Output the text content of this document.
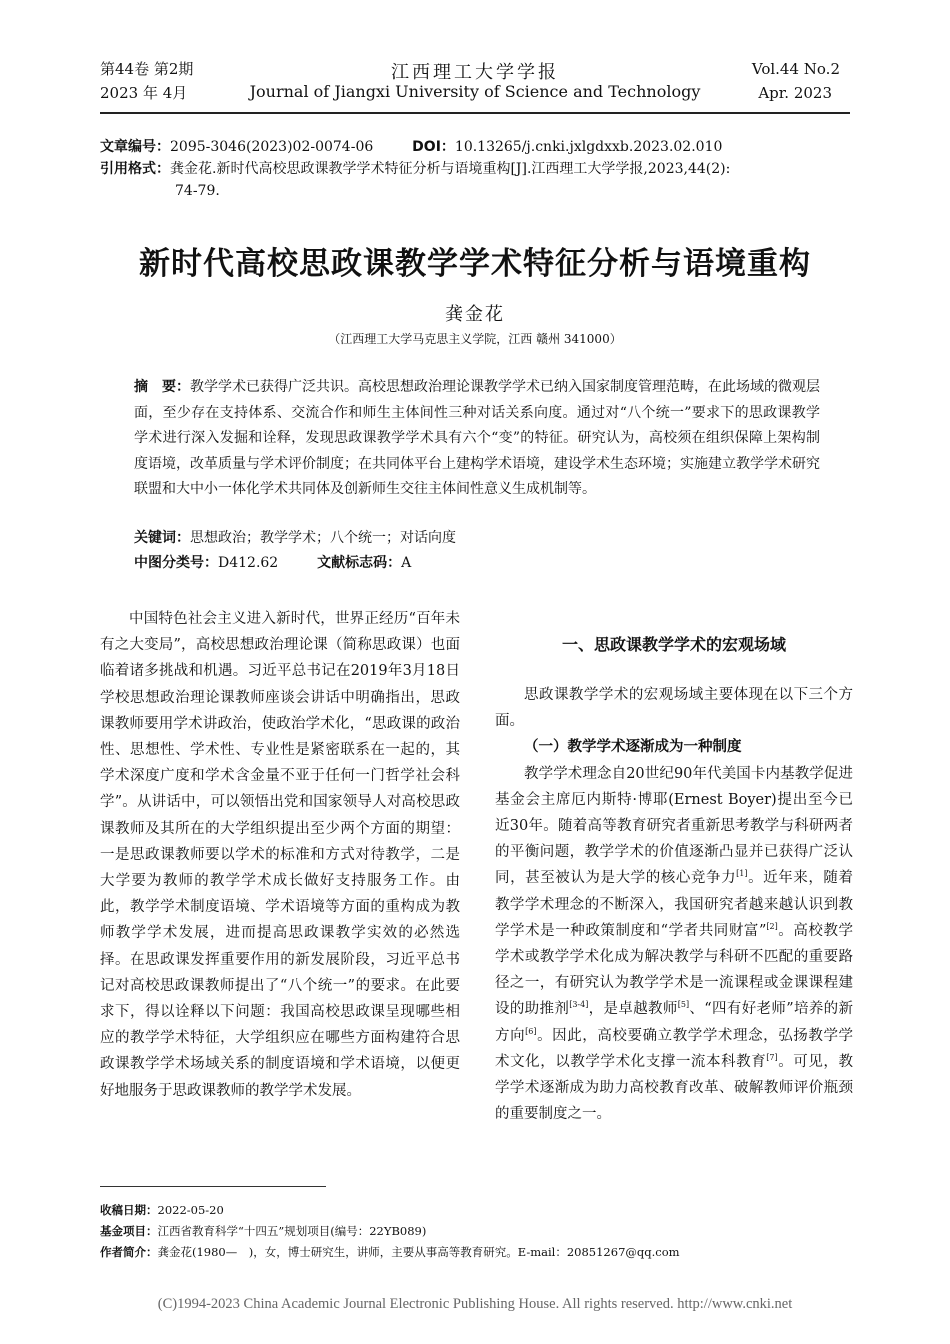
第44卷 第2期
2023 年 4月
江西理工大学学报
Journal of Jiangxi University of Science and Technology
Vol.44 No.2
Apr. 2023
文章编号：2095-3046(2023)02-0074-06	DOI：10.13265/j.cnki.jxlgdxxb.2023.02.010
引用格式：龚金花.新时代高校思政课教学学术特征分析与语境重构[J].江西理工大学学报,2023,44(2):
74-79.
新时代高校思政课教学学术特征分析与语境重构
龚金花
（江西理工大学马克思主义学院，江西 赣州 341000）
摘　要：教学学术已获得广泛共识。高校思想政治理论课教学学术已纳入国家制度管理范畴，在此场域的微观层面，至少存在支持体系、交流合作和师生主体间性三种对话关系向度。通过对“八个统一”要求下的思政课教学学术进行深入发掘和诠释，发现思政课教学学术具有六个“变”的特征。研究认为，高校须在组织保障上架构制度语境，改革质量与学术评价制度；在共同体平台上建构学术语境，建设学术生态环境；实施建立教学学术研究联盟和大中小一体化学术共同体及创新师生交往主体间性意义生成机制等。
关键词：思想政治；教学学术；八个统一；对话向度
中图分类号：D412.62	文献标志码：A

中国特色社会主义进入新时代，世界正经历“百年未有之大变局”，高校思想政治理论课（简称思政课）也面临着诸多挑战和机遇。习近平总书记在2019年3月18日学校思想政治理论课教师座谈会讲话中明确指出，思政课教师要用学术讲政治，使政治学术化，“思政课的政治性、思想性、学术性、专业性是紧密联系在一起的，其学术深度广度和学术含金量不亚于任何一门哲学社会科学”。从讲话中，可以领悟出党和国家领导人对高校思政课教师及其所在的大学组织提出至少两个方面的期望：一是思政课教师要以学术的标准和方式对待教学，二是大学要为教师的教学学术成长做好支持服务工作。由此，教学学术制度语境、学术语境等方面的重构成为教师教学学术发展，进而提高思政课教学实效的必然选择。在思政课发挥重要作用的新发展阶段，习近平总书记对高校思政课教师提出了“八个统一”的要求。在此要求下，得以诠释以下问题：我国高校思政课呈现哪些相应的教学学术特征，大学组织应在哪些方面构建符合思政课教学学术场域关系的制度语境和学术语境，以便更好地服务于思政课教师的教学学术发展。

一、思政课教学学术的宏观场域

思政课教学学术的宏观场域主要体现在以下三个方面。

（一）教学学术逐渐成为一种制度

教学学术理念自20世纪90年代美国卡内基教学促进基金会主席厄内斯特·博耶(Ernest Boyer)提出至今已近30年。随着高等教育研究者重新思考教学与科研两者的平衡问题，教学学术的价值逐渐凸显并已获得广泛认同，甚至被认为是大学的核心竞争力[1]。近年来，随着教学学术理念的不断深入，我国研究者越来越认识到教学学术是一种政策制度和“学者共同财富”[2]。高校教学学术或教学学术化成为解决教学与科研不匹配的重要路径之一，有研究认为教学学术是一流课程或金课课程建设的助推剂[3-4]，是卓越教师[5]、“四有好老师”培养的新方向[6]。因此，高校要确立教学学术理念，弘扬教学学术文化，以教学学术化支撑一流本科教育[7]。可见，教学学术逐渐成为助力高校教育改革、破解教师评价瓶颈的重要制度之一。

收稿日期：2022-05-20
基金项目：江西省教育科学“十四五”规划项目(编号：22YB089)
作者简介：龚金花(1980—　)，女，博士研究生，讲师，主要从事高等教育研究。E-mail：20851267@qq.com
(C)1994-2023 China Academic Journal Electronic Publishing House. All rights reserved. http://www.cnki.net
